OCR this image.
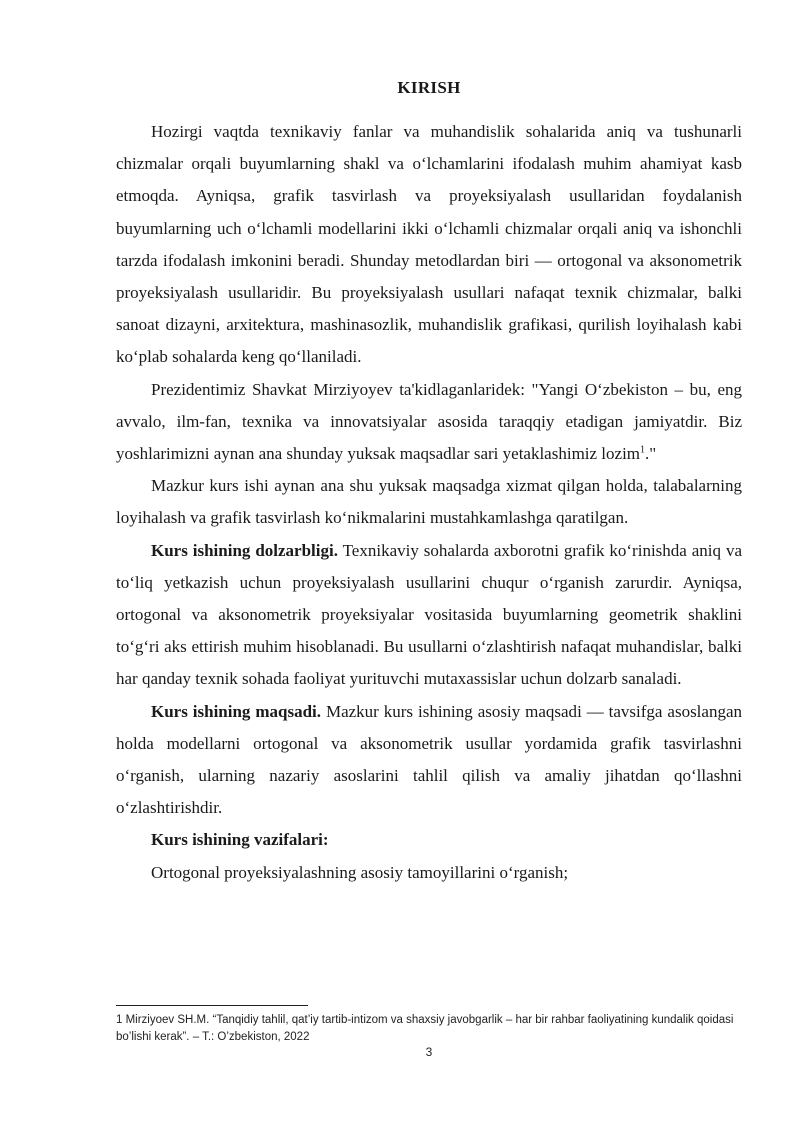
KIRISH

Hozirgi vaqtda texnikaviy fanlar va muhandislik sohalarida aniq va tushunarli chizmalar orqali buyumlarning shakl va o‘lchamlarini ifodalash muhim ahamiyat kasb etmoqda. Ayniqsa, grafik tasvirlash va proyeksiyalash usullaridan foydalanish buyumlarning uch o‘lchamli modellarini ikki o‘lchamli chizmalar orqali aniq va ishonchli tarzda ifodalash imkonini beradi. Shunday metodlardan biri — ortogonal va aksonometrik proyeksiyalash usullaridir. Bu proyeksiyalash usullari nafaqat texnik chizmalar, balki sanoat dizayni, arxitektura, mashinasozlik, muhandislik grafikasi, qurilish loyihalash kabi ko‘plab sohalarda keng qo‘llaniladi.

Prezidentimiz Shavkat Mirziyoyev ta'kidlaganlaridek: "Yangi O‘zbekiston – bu, eng avvalo, ilm-fan, texnika va innovatsiyalar asosida taraqqiy etadigan jamiyatdir. Biz yoshlarimizni aynan ana shunday yuksak maqsadlar sari yetaklashimiz lozim$^1$."

Mazkur kurs ishi aynan ana shu yuksak maqsadga xizmat qilgan holda, talabalarning loyihalash va grafik tasvirlash ko‘nikmalarini mustahkamlashga qaratilgan.

Kurs ishining dolzarbligi. Texnikaviy sohalarda axborotni grafik ko‘rinishda aniq va to‘liq yetkazish uchun proyeksiyalash usullarini chuqur o‘rganish zarurdir. Ayniqsa, ortogonal va aksonometrik proyeksiyalar vositasida buyumlarning geometrik shaklini to‘g‘ri aks ettirish muhim hisoblanadi. Bu usullarni o‘zlashtirish nafaqat muhandislar, balki har qanday texnik sohada faoliyat yurituvchi mutaxassislar uchun dolzarb sanaladi.

Kurs ishining maqsadi. Mazkur kurs ishining asosiy maqsadi — tavsifga asoslangan holda modellarni ortogonal va aksonometrik usullar yordamida grafik tasvirlashni o‘rganish, ularning nazariy asoslarini tahlil qilish va amaliy jihatdan qo‘llashni o‘zlashtirishdir.

Kurs ishining vazifalari:

Ortogonal proyeksiyalashning asosiy tamoyillarini o‘rganish;

1 Mirziyoev SH.M. “Tanqidiy tahlil, qat’iy tartib-intizom va shaxsiy javobgarlik – har bir rahbar faoliyatining kundalik qoidasi bo’lishi kerak”. – T.: O’zbekiston, 2022
3
